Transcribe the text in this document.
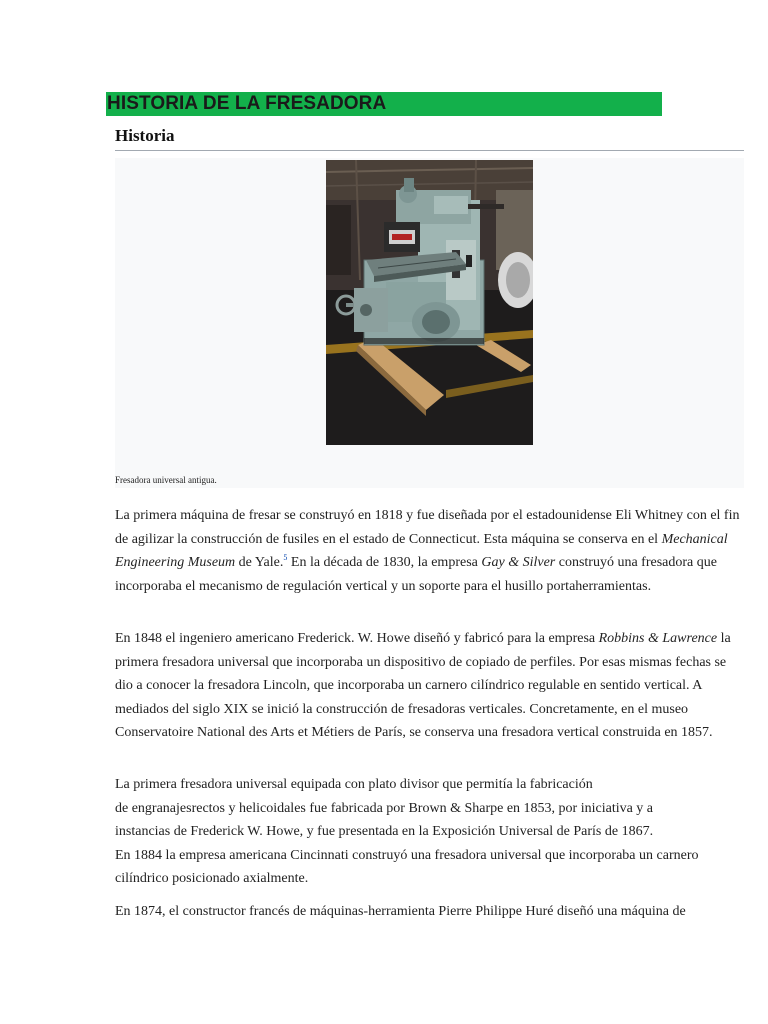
HISTORIA DE LA FRESADORA
Historia
Fresadora universal antigua.

La primera máquina de fresar se construyó en 1818 y fue diseñada por el estadounidense Eli Whitney con el fin de agilizar la construcción de fusiles en el estado de Connecticut. Esta máquina se conserva en el Mechanical Engineering Museum de Yale.$^5$ En la década de 1830, la empresa Gay & Silver construyó una fresadora que incorporaba el mecanismo de regulación vertical y un soporte para el husillo portaherramientas.

En 1848 el ingeniero americano Frederick. W. Howe diseñó y fabricó para la empresa Robbins & Lawrence la primera fresadora universal que incorporaba un dispositivo de copiado de perfiles. Por esas mismas fechas se dio a conocer la fresadora Lincoln, que incorporaba un carnero cilíndrico regulable en sentido vertical. A mediados del siglo XIX se inició la construcción de fresadoras verticales. Concretamente, en el museo Conservatoire National des Arts et Métiers de París, se conserva una fresadora vertical construida en 1857.

La primera fresadora universal equipada con plato divisor que permitía la fabricación
de engranajesrectos y helicoidales fue fabricada por Brown & Sharpe en 1853, por iniciativa y a
instancias de Frederick W. Howe, y fue presentada en la Exposición Universal de París de 1867.
En 1884 la empresa americana Cincinnati construyó una fresadora universal que incorporaba un carnero cilíndrico posicionado axialmente.

En 1874, el constructor francés de máquinas-herramienta Pierre Philippe Huré diseñó una máquina de
